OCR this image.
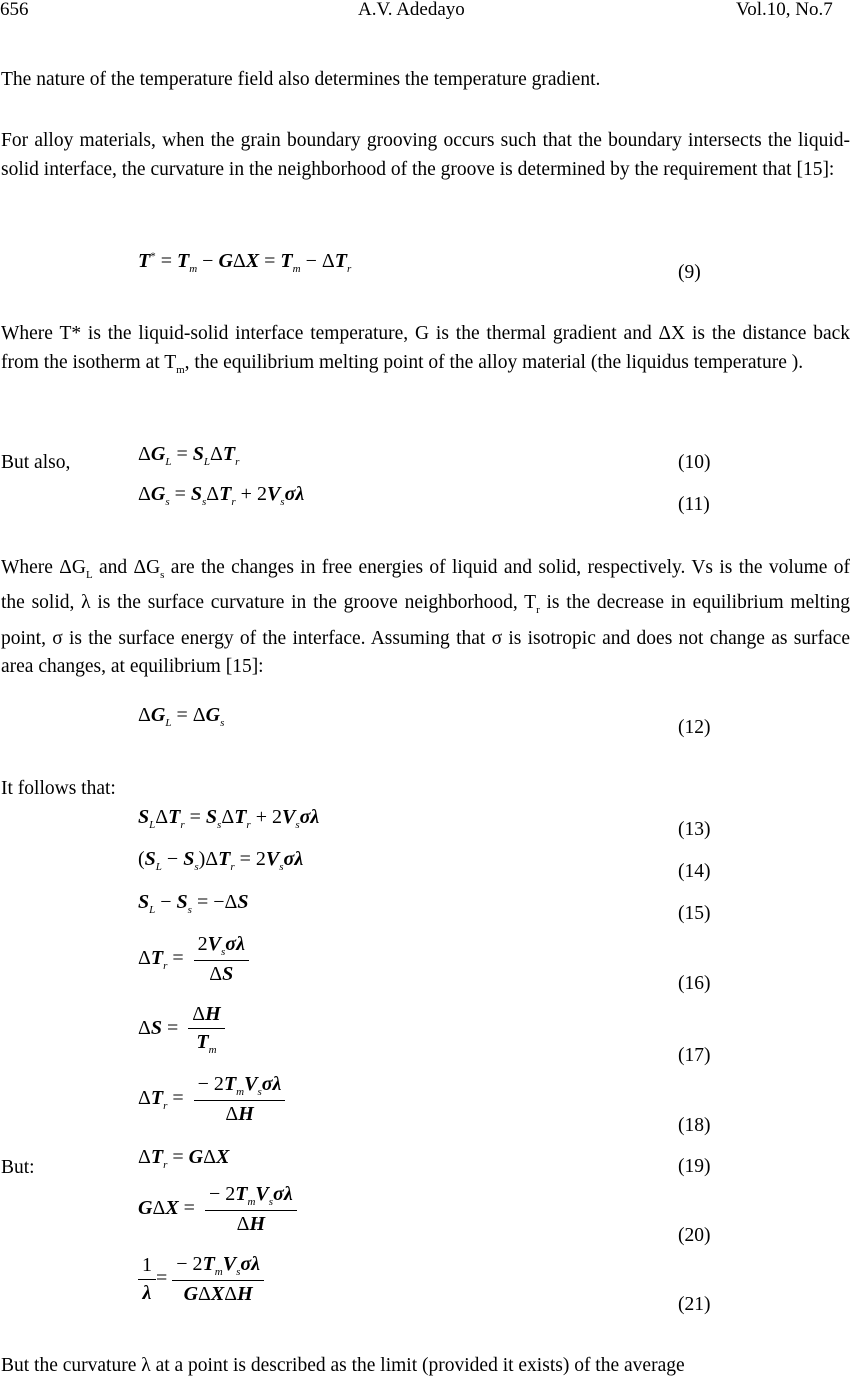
656	A.V. Adedayo	Vol.10, No.7
The nature of the temperature field also determines the temperature gradient.
For alloy materials, when the grain boundary grooving occurs such that the boundary intersects the liquid-solid interface, the curvature in the neighborhood of the groove is determined by the requirement that [15]:
$T^* = T_m - G\Delta X = T_m - \Delta T_r$	(9)
Where T* is the liquid-solid interface temperature, G is the thermal gradient and ΔX is the distance back from the isotherm at $T_m$, the equilibrium melting point of the alloy material (the liquidus temperature ).
But also,	$\Delta G_L = S_L\Delta T_r$	(10)
$\Delta G_s = S_s\Delta T_r + 2V_s\sigma\lambda$	(11)
Where $\Delta G_L$ and $\Delta G_s$ are the changes in free energies of liquid and solid, respectively. Vs is the volume of the solid, λ is the surface curvature in the groove neighborhood, $T_r$ is the decrease in equilibrium melting point, σ is the surface energy of the interface. Assuming that σ is isotropic and does not change as surface area changes, at equilibrium [15]:
$\Delta G_L = \Delta G_s$	(12)
It follows that:
$S_L\Delta T_r = S_s\Delta T_r + 2V_s\sigma\lambda$
(13)
$(S_L - S_s)\Delta T_r = 2V_s\sigma\lambda$
(14)
$S_L - S_s = -\Delta S$
(15)
$\Delta T_r = \frac{2V_s\sigma\lambda}{\Delta S}$	(16)
$\Delta S = \frac{\Delta H}{T_m}$	(17)
$\Delta T_r = \frac{- 2T_mV_s\sigma\lambda}{\Delta H}$	(18)
But:	$\Delta T_r = G\Delta X$	(19)
$G\Delta X = \frac{- 2T_mV_s\sigma\lambda}{\Delta H}$	(20)
$\frac{1}{\lambda} = \frac{- 2T_mV_s\sigma\lambda}{\text{GΔXΔH}}$	(21)
But the curvature λ at a point is described as the limit (provided it exists) of the average
